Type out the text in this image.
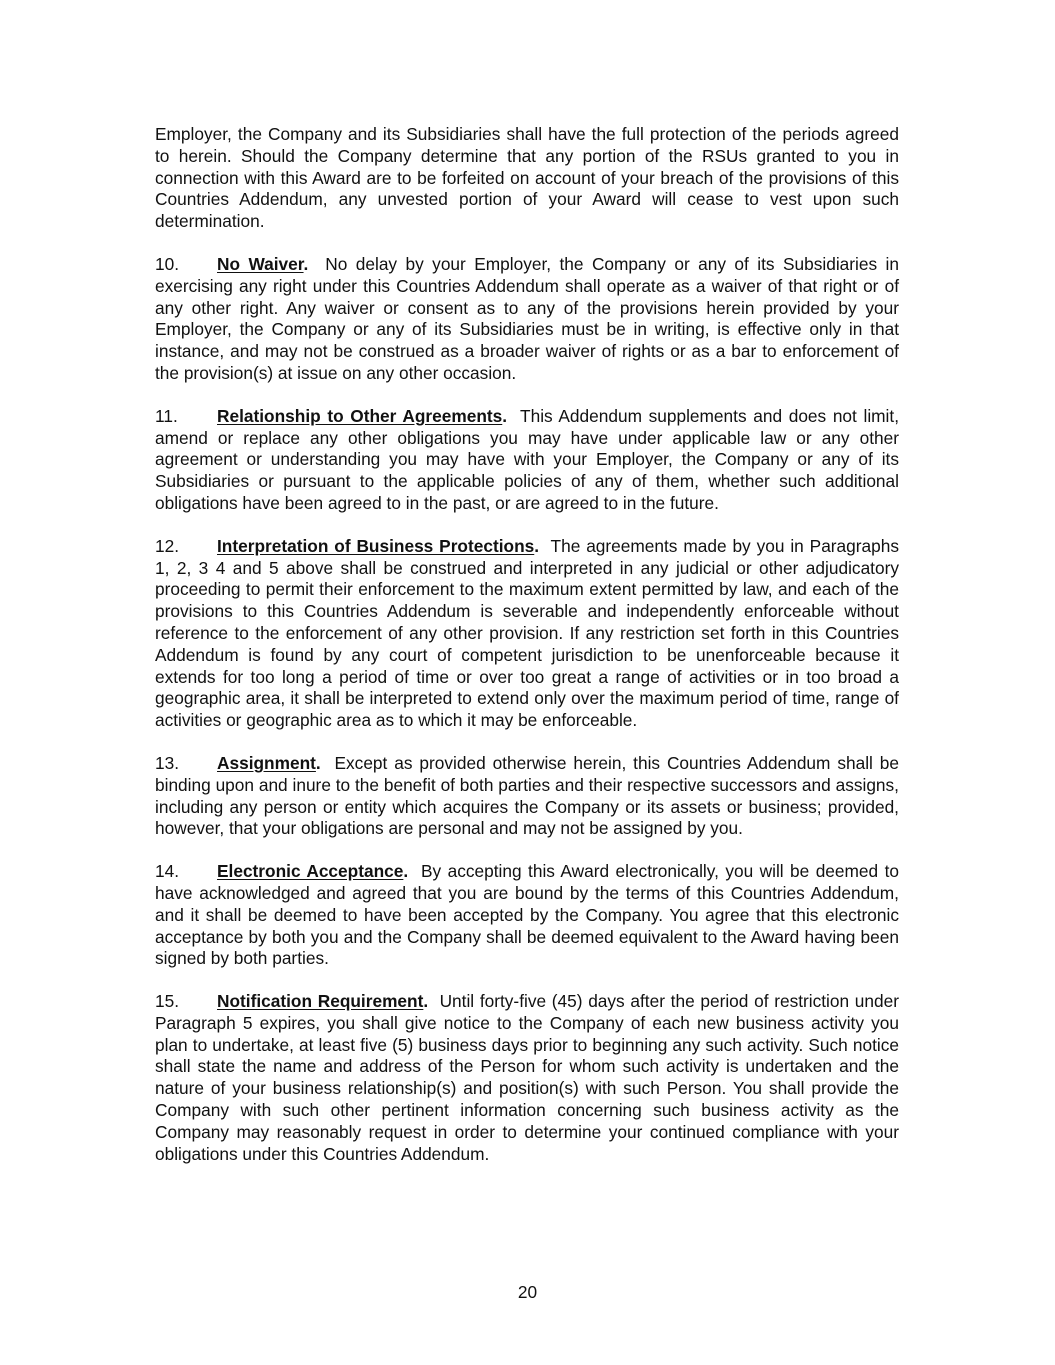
Employer, the Company and its Subsidiaries shall have the full protection of the periods agreed to herein. Should the Company determine that any portion of the RSUs granted to you in connection with this Award are to be forfeited on account of your breach of the provisions of this Countries Addendum, any unvested portion of your Award will cease to vest upon such determination.

10. No Waiver. No delay by your Employer, the Company or any of its Subsidiaries in exercising any right under this Countries Addendum shall operate as a waiver of that right or of any other right. Any waiver or consent as to any of the provisions herein provided by your Employer, the Company or any of its Subsidiaries must be in writing, is effective only in that instance, and may not be construed as a broader waiver of rights or as a bar to enforcement of the provision(s) at issue on any other occasion.

11. Relationship to Other Agreements. This Addendum supplements and does not limit, amend or replace any other obligations you may have under applicable law or any other agreement or understanding you may have with your Employer, the Company or any of its Subsidiaries or pursuant to the applicable policies of any of them, whether such additional obligations have been agreed to in the past, or are agreed to in the future.

12. Interpretation of Business Protections. The agreements made by you in Paragraphs 1, 2, 3 4 and 5 above shall be construed and interpreted in any judicial or other adjudicatory proceeding to permit their enforcement to the maximum extent permitted by law, and each of the provisions to this Countries Addendum is severable and independently enforceable without reference to the enforcement of any other provision. If any restriction set forth in this Countries Addendum is found by any court of competent jurisdiction to be unenforceable because it extends for too long a period of time or over too great a range of activities or in too broad a geographic area, it shall be interpreted to extend only over the maximum period of time, range of activities or geographic area as to which it may be enforceable.

13. Assignment. Except as provided otherwise herein, this Countries Addendum shall be binding upon and inure to the benefit of both parties and their respective successors and assigns, including any person or entity which acquires the Company or its assets or business; provided, however, that your obligations are personal and may not be assigned by you.

14. Electronic Acceptance. By accepting this Award electronically, you will be deemed to have acknowledged and agreed that you are bound by the terms of this Countries Addendum, and it shall be deemed to have been accepted by the Company. You agree that this electronic acceptance by both you and the Company shall be deemed equivalent to the Award having been signed by both parties.

15. Notification Requirement. Until forty-five (45) days after the period of restriction under Paragraph 5 expires, you shall give notice to the Company of each new business activity you plan to undertake, at least five (5) business days prior to beginning any such activity. Such notice shall state the name and address of the Person for whom such activity is undertaken and the nature of your business relationship(s) and position(s) with such Person. You shall provide the Company with such other pertinent information concerning such business activity as the Company may reasonably request in order to determine your continued compliance with your obligations under this Countries Addendum.

20
